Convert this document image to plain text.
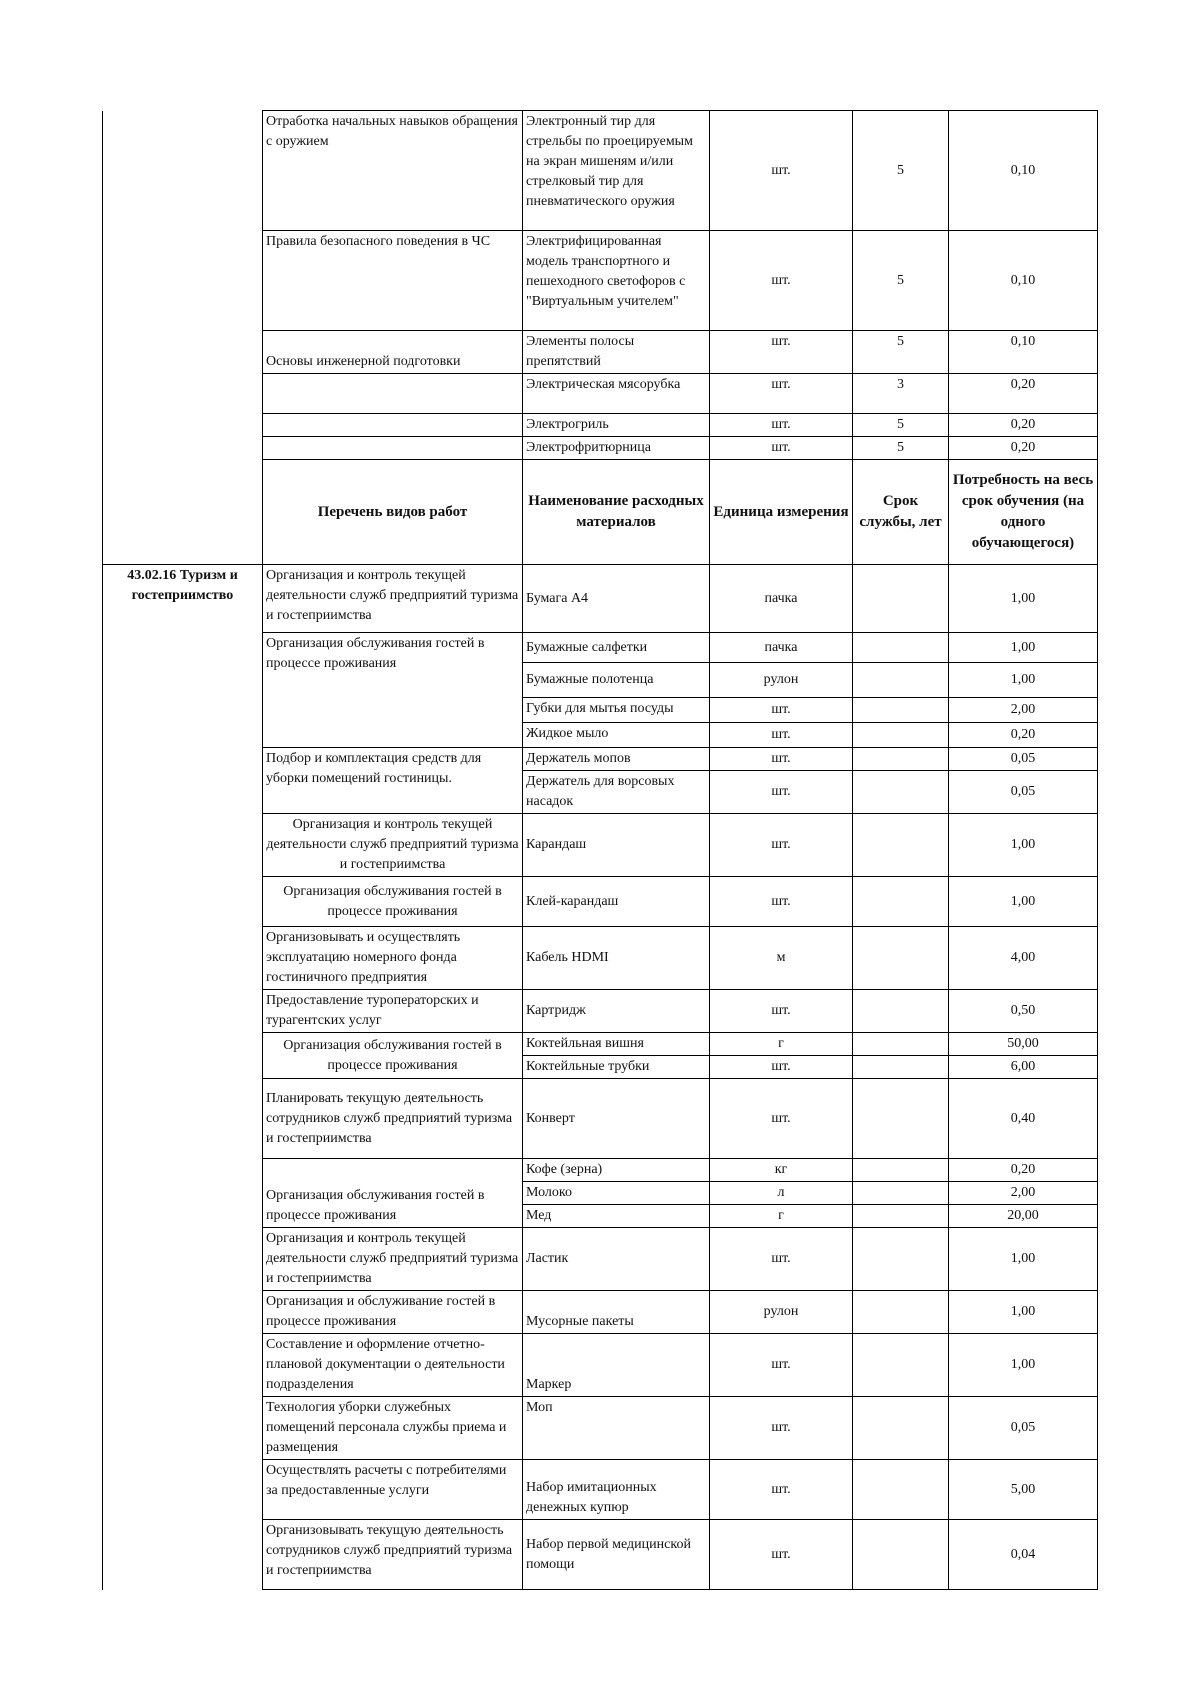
	Отработка начальных навыков обращения с оружием	Электронный тир для стрельбы по проецируемым на экран мишеням и/или стрелковый тир для пневматического оружия	шт.	5	0,10
	Правила безопасного поведения в ЧС	Электрифицированная модель транспортного и пешеходного светофоров с "Виртуальным учителем"	шт.	5	0,10
	Основы инженерной подготовки	Элементы полосы препятствий	шт.	5	0,10
		Электрическая мясорубка	шт.	3	0,20
		Электрогриль	шт.	5	0,20
		Электрофритюрница	шт.	5	0,20
	Перечень видов работ	Наименование расходных материалов	Единица измерения	Срок службы, лет	Потребность на весь срок обучения (на одного обучающегося)
43.02.16 Туризм и гостеприимство	Организация и контроль текущей деятельности служб предприятий туризма и гостеприимства	Бумага А4	пачка		1,00
	Организация обслуживания гостей в процессе проживания	Бумажные салфетки	пачка		1,00
		Бумажные полотенца	рулон		1,00
		Губки для мытья посуды	шт.		2,00
		Жидкое мыло	шт.		0,20
	Подбор и комплектация средств для уборки помещений гостиницы.	Держатель мопов	шт.		0,05
		Держатель для ворсовых насадок	шт.		0,05
	Организация и контроль текущей деятельности служб предприятий туризма и гостеприимства	Карандаш	шт.		1,00
	Организация обслуживания гостей в процессе проживания	Клей-карандаш	шт.		1,00
	Организовывать и осуществлять эксплуатацию номерного фонда гостиничного предприятия	Кабель HDMI	м		4,00
	Предоставление туроператорских и турагентских услуг	Картридж	шт.		0,50
	Организация обслуживания гостей в процессе проживания	Коктейльная вишня	г		50,00
		Коктейльные трубки	шт.		6,00
	Планировать текущую деятельность сотрудников служб предприятий туризма и гостеприимства	Конверт	шт.		0,40
	Организация обслуживания гостей в процессе проживания	Кофе (зерна)	кг		0,20
		Молоко	л		2,00
		Мед	г		20,00
	Организация и контроль текущей деятельности служб предприятий туризма и гостеприимства	Ластик	шт.		1,00
	Организация и обслуживание гостей в процессе проживания	Мусорные пакеты	рулон		1,00
	Составление и оформление отчетно-плановой документации о деятельности подразделения	Маркер	шт.		1,00
	Технология уборки служебных помещений персонала службы приема и размещения	Моп	шт.		0,05
	Осуществлять расчеты с потребителями за предоставленные услуги	Набор имитационных денежных купюр	шт.		5,00
	Организовывать текущую деятельность сотрудников служб предприятий туризма и гостеприимства	Набор первой медицинской помощи	шт.		0,04
